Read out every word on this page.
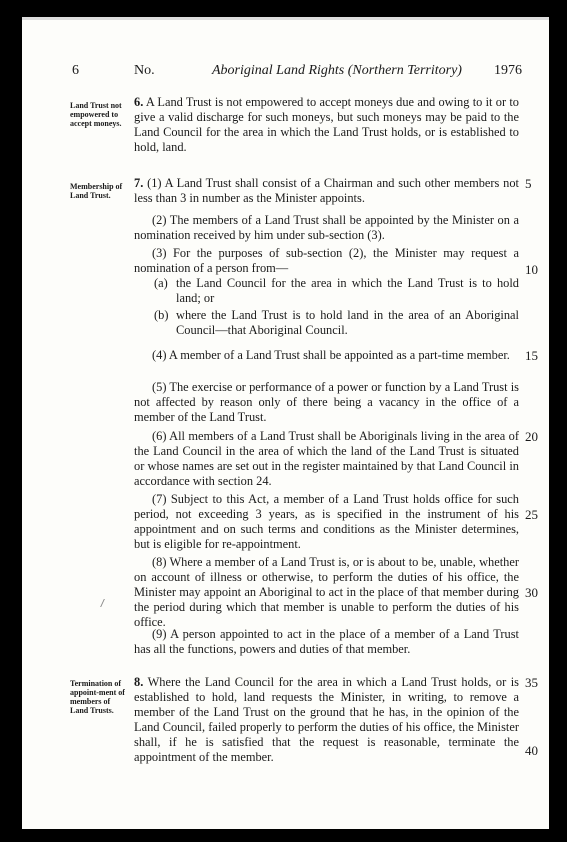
6	No.	Aboriginal Land Rights (Northern Territory) 1976
Land Trust not empowered to accept moneys.
6. A Land Trust is not empowered to accept moneys due and owing to it or to give a valid discharge for such moneys, but such moneys may be paid to the Land Council for the area in which the Land Trust holds, or is established to hold, land.
Membership of Land Trust.
7. (1) A Land Trust shall consist of a Chairman and such other members not less than 3 in number as the Minister appoints.
(2) The members of a Land Trust shall be appointed by the Minister on a nomination received by him under sub-section (3).
(3) For the purposes of sub-section (2), the Minister may request a nomination of a person from—
(a) the Land Council for the area in which the Land Trust is to hold land; or
(b) where the Land Trust is to hold land in the area of an Aboriginal Council—that Aboriginal Council.
(4) A member of a Land Trust shall be appointed as a part-time member.
(5) The exercise or performance of a power or function by a Land Trust is not affected by reason only of there being a vacancy in the office of a member of the Land Trust.
(6) All members of a Land Trust shall be Aboriginals living in the area of the Land Council in the area of which the land of the Land Trust is situated or whose names are set out in the register maintained by that Land Council in accordance with section 24.
(7) Subject to this Act, a member of a Land Trust holds office for such period, not exceeding 3 years, as is specified in the instrument of his appointment and on such terms and conditions as the Minister determines, but is eligible for re-appointment.
(8) Where a member of a Land Trust is, or is about to be, unable, whether on account of illness or otherwise, to perform the duties of his office, the Minister may appoint an Aboriginal to act in the place of that member during the period during which that member is unable to perform the duties of his office.
(9) A person appointed to act in the place of a member of a Land Trust has all the functions, powers and duties of that member.
Termination of appoint-ment of members of Land Trusts.
8. Where the Land Council for the area in which a Land Trust holds, or is established to hold, land requests the Minister, in writing, to remove a member of the Land Trust on the ground that he has, in the opinion of the Land Council, failed properly to perform the duties of his office, the Minister shall, if he is satisfied that the request is reasonable, terminate the appointment of the member.
5
10
15
20
25
30
35
40
